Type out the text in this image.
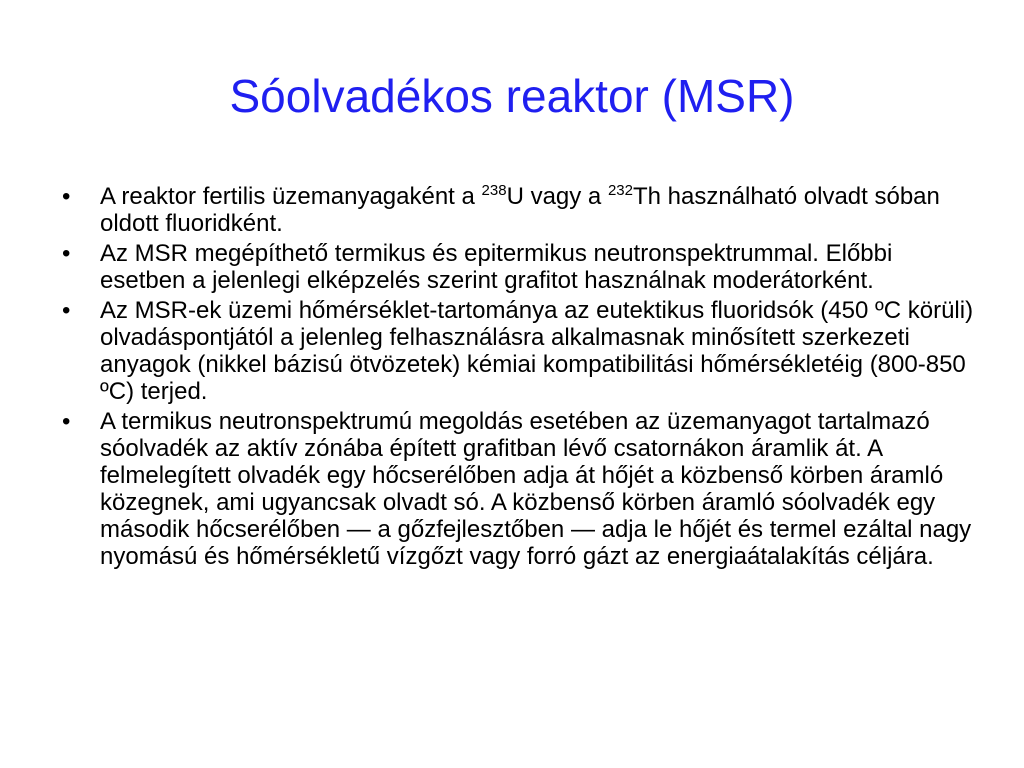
Sóolvadékos reaktor (MSR)
•	A reaktor fertilis üzemanyagaként a $^{238}$U vagy a $^{232}$Th használható olvadt sóban oldott fluoridként.
•	Az MSR megépíthető termikus és epitermikus neutronspektrummal. Előbbi esetben a jelenlegi elképzelés szerint grafitot használnak moderátorként.
•	Az MSR-ek üzemi hőmérséklet-tartománya az eutektikus fluoridsók (450 ºC körüli) olvadáspontjától a jelenleg felhasználásra alkalmasnak minősített szerkezeti anyagok (nikkel bázisú ötvözetek) kémiai kompatibilitási hőmérsékletéig (800-850 ºC) terjed.
•	A termikus neutronspektrumú megoldás esetében az üzemanyagot tartalmazó sóolvadék az aktív zónába épített grafitban lévő csatornákon áramlik át. A felmelegített olvadék egy hőcserélőben adja át hőjét a közbenső körben áramló közegnek, ami ugyancsak olvadt só. A közbenső körben áramló sóolvadék egy második hőcserélőben — a gőzfejlesztőben — adja le hőjét és termel ezáltal nagy nyomású és hőmérsékletű vízgőzt vagy forró gázt az energiaátalakítás céljára.
